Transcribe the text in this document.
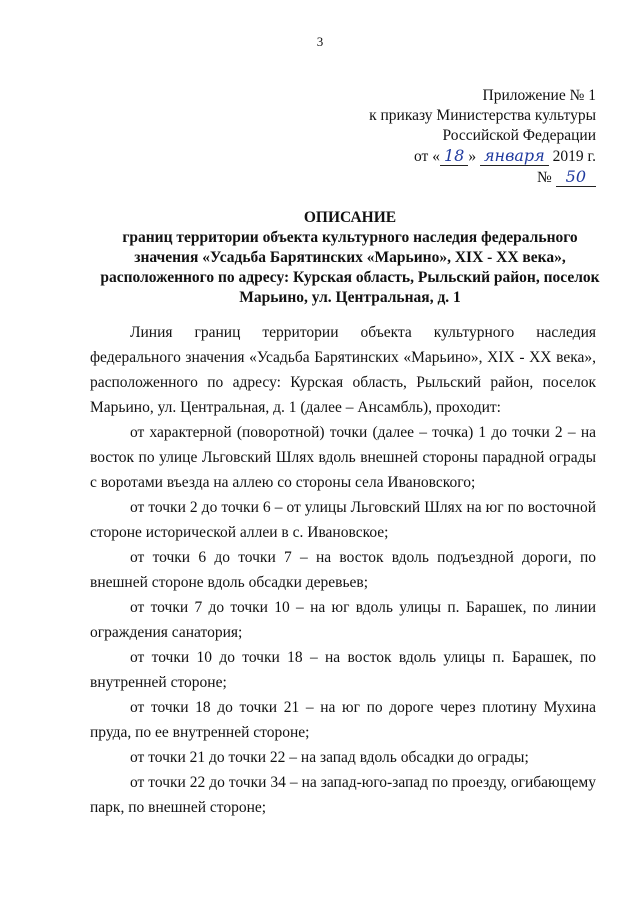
3
Приложение № 1
к приказу Министерства культуры
Российской Федерации
от « 18 » января 2019 г.
№ 50
ОПИСАНИЕ
границ территории объекта культурного наследия федерального
значения «Усадьба Барятинских «Марьино», XIX - XX века»,
расположенного по адресу: Курская область, Рыльский район, поселок
Марьино, ул. Центральная, д. 1

Линия границ территории объекта культурного наследия федерального значения «Усадьба Барятинских «Марьино», XIX - XX века», расположенного по адресу: Курская область, Рыльский район, поселок Марьино, ул. Центральная, д. 1 (далее – Ансамбль), проходит:

от характерной (поворотной) точки (далее – точка) 1 до точки 2 – на восток по улице Льговский Шлях вдоль внешней стороны парадной ограды с воротами въезда на аллею со стороны села Ивановского;

от точки 2 до точки 6 – от улицы Льговский Шлях на юг по восточной стороне исторической аллеи в с. Ивановское;

от точки 6 до точки 7 – на восток вдоль подъездной дороги, по внешней стороне вдоль обсадки деревьев;

от точки 7 до точки 10 – на юг вдоль улицы п. Барашек, по линии ограждения санатория;

от точки 10 до точки 18 – на восток вдоль улицы п. Барашек, по внутренней стороне;

от точки 18 до точки 21 – на юг по дороге через плотину Мухина пруда, по ее внутренней стороне;

от точки 21 до точки 22 – на запад вдоль обсадки до ограды;

от точки 22 до точки 34 – на запад-юго-запад по проезду, огибающему парк, по внешней стороне;
